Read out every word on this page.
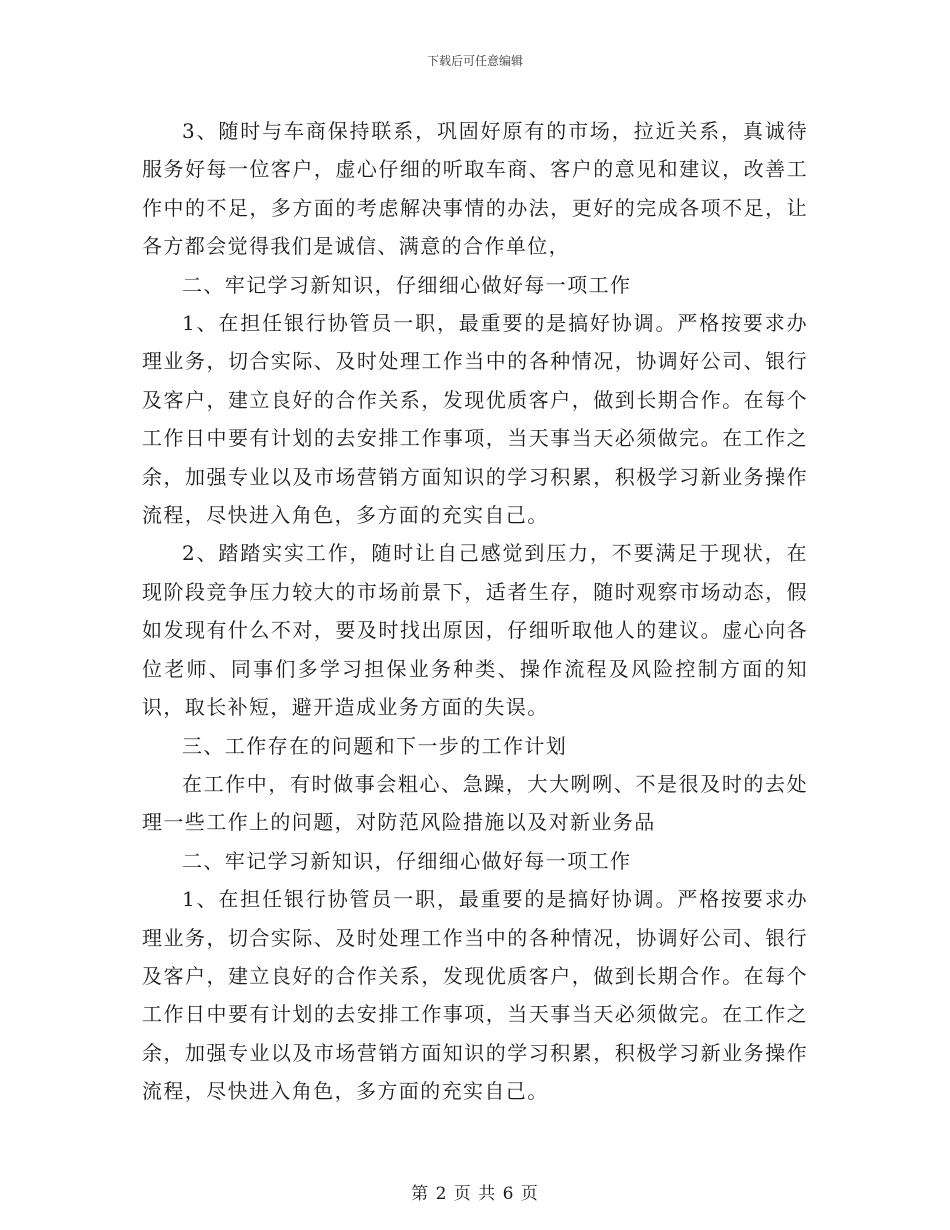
下载后可任意编辑

3、随时与车商保持联系，巩固好原有的市场，拉近关系，真诚待服务好每一位客户，虚心仔细的听取车商、客户的意见和建议，改善工作中的不足，多方面的考虑解决事情的办法，更好的完成各项不足，让各方都会觉得我们是诚信、满意的合作单位，

二、牢记学习新知识，仔细细心做好每一项工作

1、在担任银行协管员一职，最重要的是搞好协调。严格按要求办理业务，切合实际、及时处理工作当中的各种情况，协调好公司、银行及客户，建立良好的合作关系，发现优质客户，做到长期合作。在每个工作日中要有计划的去安排工作事项，当天事当天必须做完。在工作之余，加强专业以及市场营销方面知识的学习积累，积极学习新业务操作流程，尽快进入角色，多方面的充实自己。

2、踏踏实实工作，随时让自己感觉到压力，不要满足于现状，在现阶段竞争压力较大的市场前景下，适者生存，随时观察市场动态，假如发现有什么不对，要及时找出原因，仔细听取他人的建议。虚心向各位老师、同事们多学习担保业务种类、操作流程及风险控制方面的知识，取长补短，避开造成业务方面的失误。

三、工作存在的问题和下一步的工作计划

在工作中，有时做事会粗心、急躁，大大咧咧、不是很及时的去处理一些工作上的问题，对防范风险措施以及对新业务品

二、牢记学习新知识，仔细细心做好每一项工作

1、在担任银行协管员一职，最重要的是搞好协调。严格按要求办理业务，切合实际、及时处理工作当中的各种情况，协调好公司、银行及客户，建立良好的合作关系，发现优质客户，做到长期合作。在每个工作日中要有计划的去安排工作事项，当天事当天必须做完。在工作之余，加强专业以及市场营销方面知识的学习积累，积极学习新业务操作流程，尽快进入角色，多方面的充实自己。

第 2 页 共 6 页
